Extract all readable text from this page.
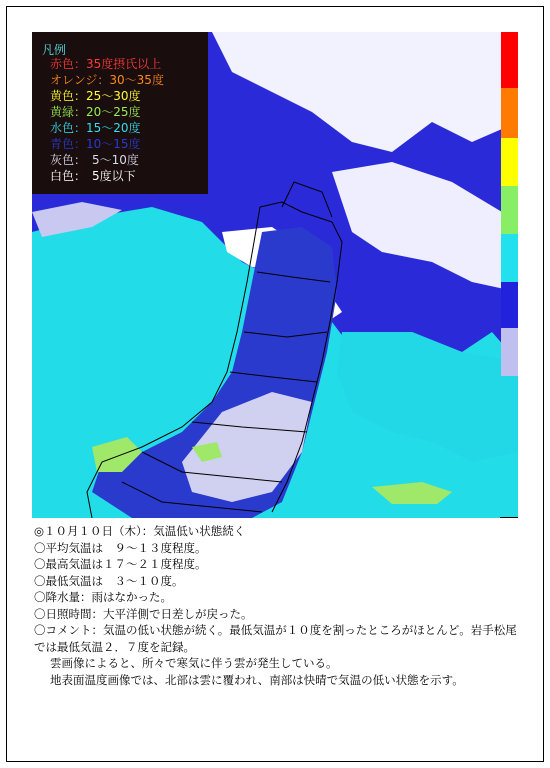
凡例
赤色：35度摂氏以上
オレンジ：30〜35度
黄色：25〜30度
黄緑：20〜25度
水色：15〜20度
青色：10〜15度
灰色：　5〜10度
白色：　5度以下
◎１０月１０日（木）：気温低い状態続く
〇平均気温は　９〜１３度程度。
〇最高気温は１７〜２１度程度。
〇最低気温は　３〜１０度。
〇降水量：雨はなかった。
〇日照時間：大平洋側で日差しが戻った。
〇コメント：気温の低い状態が続く。最低気温が１０度を割ったところがほとんど。岩手松尾では最低気温２．７度を記録。
雲画像によると、所々で寒気に伴う雲が発生している。
地表面温度画像では、北部は雲に覆われ、南部は快晴で気温の低い状態を示す。
